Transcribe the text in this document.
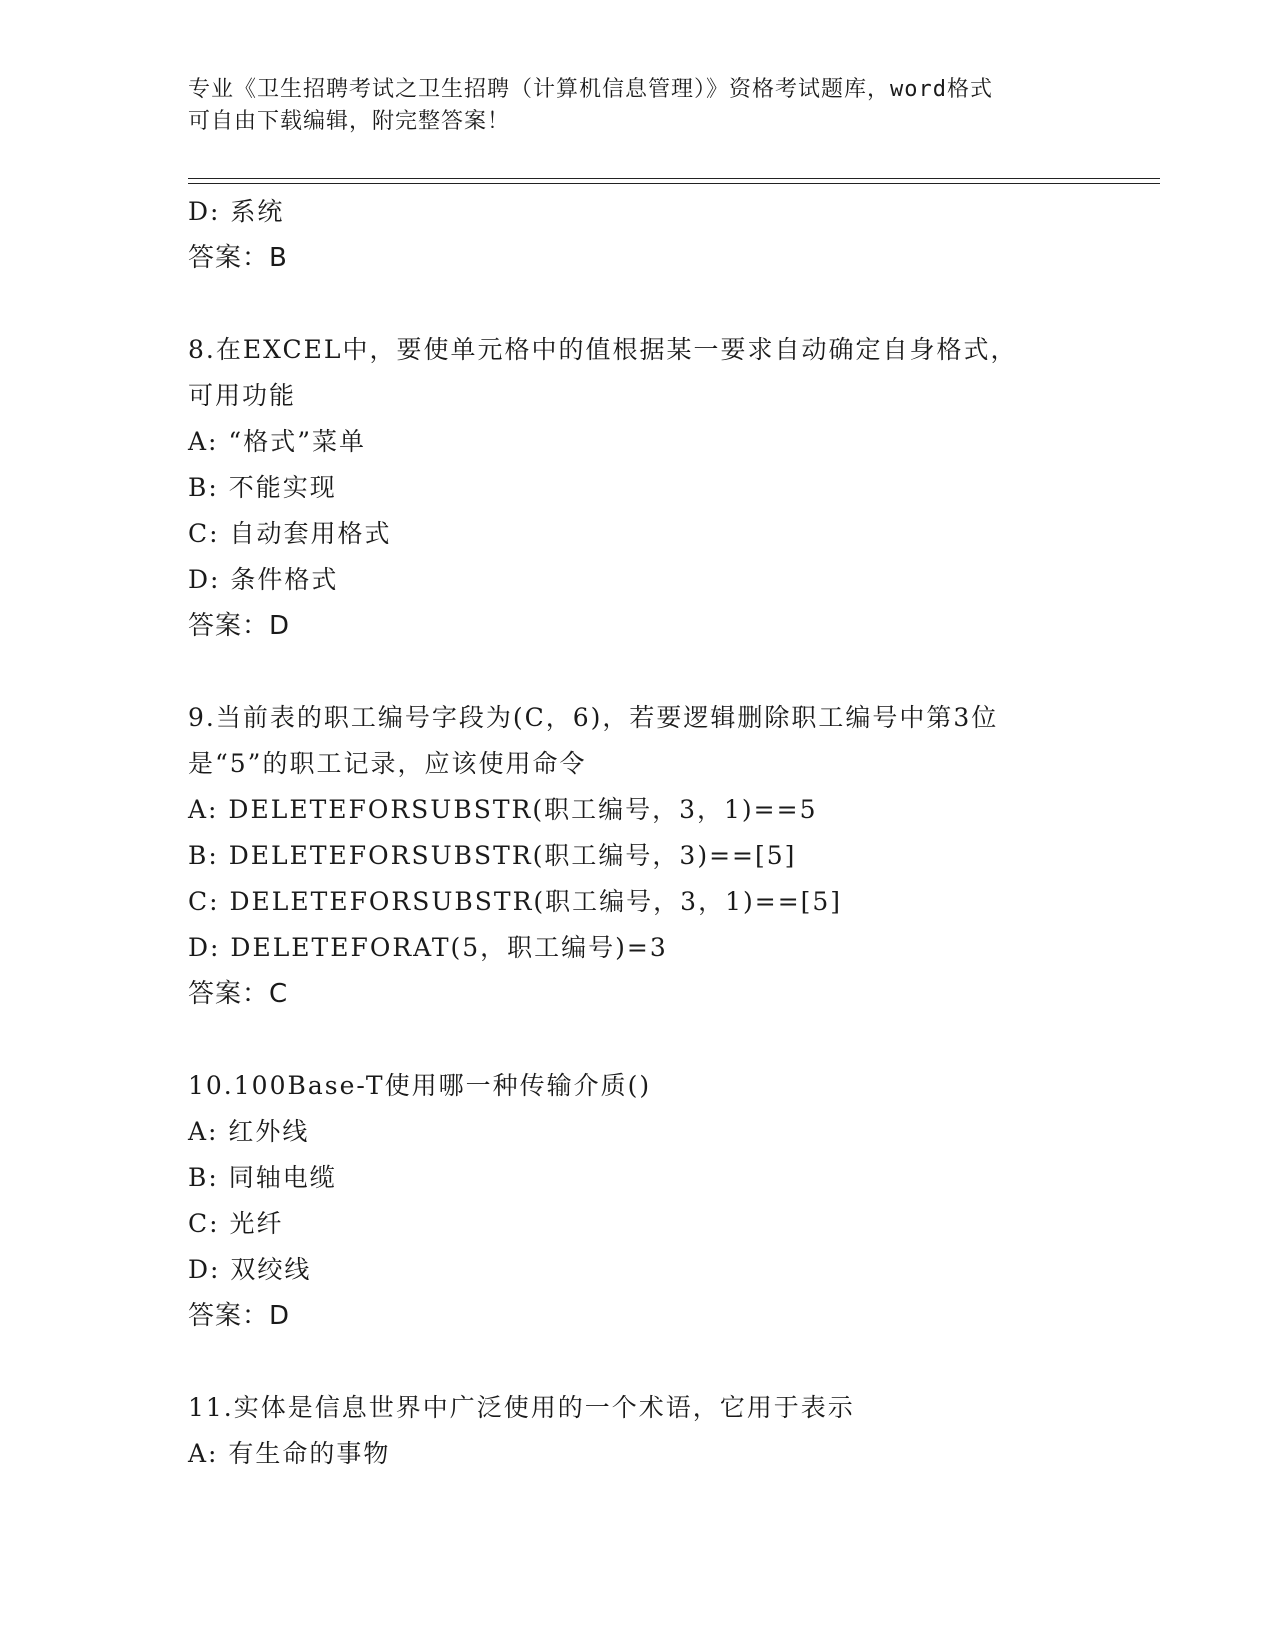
专业《卫生招聘考试之卫生招聘（计算机信息管理）》资格考试题库，word格式
可自由下载编辑，附完整答案！
D: 系统
答案：B
8.在EXCEL中，要使单元格中的值根据某一要求自动确定自身格式，
可用功能
A: “格式”菜单
B: 不能实现
C: 自动套用格式
D: 条件格式
答案：D
9.当前表的职工编号字段为(C，6)，若要逻辑删除职工编号中第3位
是“5”的职工记录，应该使用命令
A: DELETEFORSUBSTR(职工编号，3，1)==5
B: DELETEFORSUBSTR(职工编号，3)==[5]
C: DELETEFORSUBSTR(职工编号，3，1)==[5]
D: DELETEFORAT(5，职工编号)=3
答案：C
10.100Base-T使用哪一种传输介质()
A: 红外线
B: 同轴电缆
C: 光纤
D: 双绞线
答案：D
11.实体是信息世界中广泛使用的一个术语，它用于表示
A: 有生命的事物
